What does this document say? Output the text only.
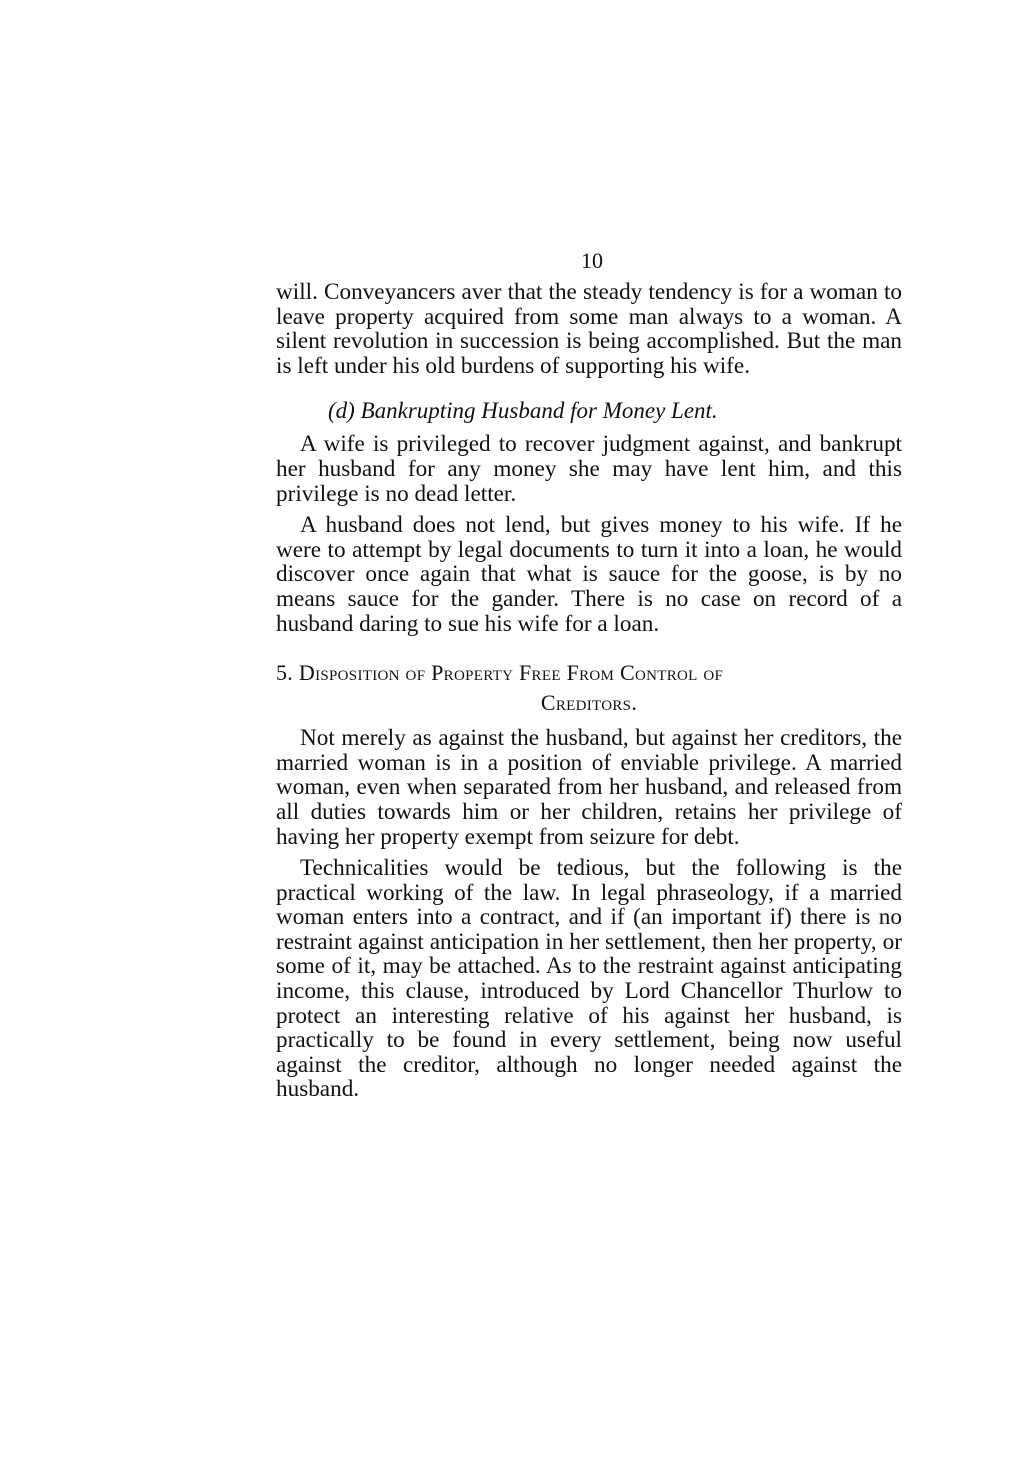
10

will. Conveyancers aver that the steady tendency is for a woman to leave property acquired from some man always to a woman. A silent revolution in succession is being accomplished. But the man is left under his old burdens of supporting his wife.

(d) Bankrupting Husband for Money Lent.

A wife is privileged to recover judgment against, and bankrupt her husband for any money she may have lent him, and this privilege is no dead letter.

A husband does not lend, but gives money to his wife. If he were to attempt by legal documents to turn it into a loan, he would discover once again that what is sauce for the goose, is by no means sauce for the gander. There is no case on record of a husband daring to sue his wife for a loan.

5. Disposition of Property Free From Control of
Creditors.

Not merely as against the husband, but against her creditors, the married woman is in a position of enviable privilege. A married woman, even when separated from her husband, and released from all duties towards him or her children, retains her privilege of having her property exempt from seizure for debt.

Technicalities would be tedious, but the following is the practical working of the law. In legal phraseology, if a married woman enters into a contract, and if (an important if) there is no restraint against anticipation in her settlement, then her property, or some of it, may be attached. As to the restraint against anticipating income, this clause, introduced by Lord Chancellor Thurlow to protect an interesting relative of his against her husband, is practically to be found in every settlement, being now useful against the creditor, although no longer needed against the husband.
